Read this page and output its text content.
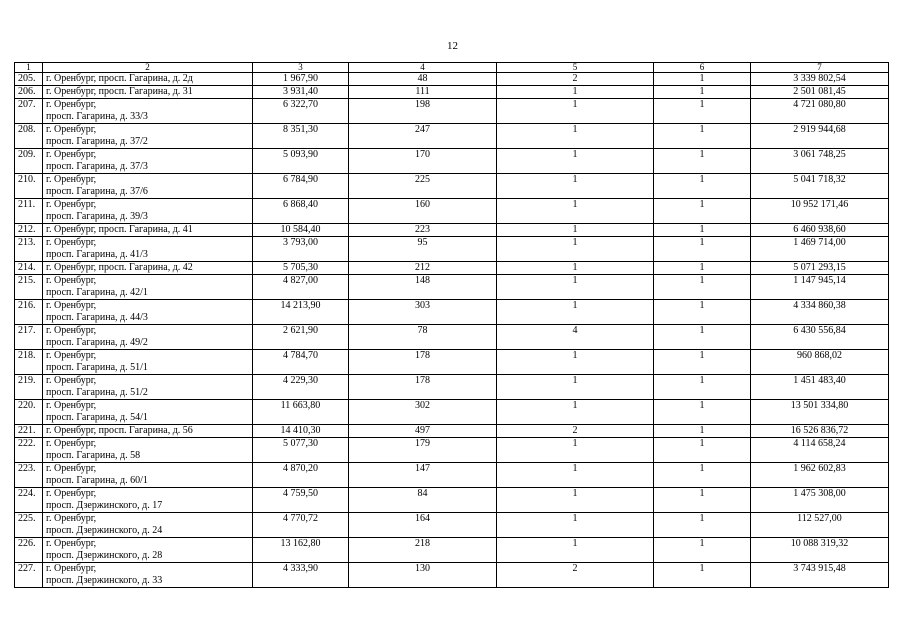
12
1	2	3	4	5	6	7
205.	г. Оренбург, просп. Гагарина, д. 2д	1 967,90	48	2	1	3 339 802,54
206.	г. Оренбург, просп. Гагарина, д. 31	3 931,40	111	1	1	2 501 081,45
207.	г. Оренбург,
просп. Гагарина, д. 33/3	6 322,70	198	1	1	4 721 080,80
208.	г. Оренбург,
просп. Гагарина, д. 37/2	8 351,30	247	1	1	2 919 944,68
209.	г. Оренбург,
просп. Гагарина, д. 37/3	5 093,90	170	1	1	3 061 748,25
210.	г. Оренбург,
просп. Гагарина, д. 37/6	6 784,90	225	1	1	5 041 718,32
211.	г. Оренбург,
просп. Гагарина, д. 39/3	6 868,40	160	1	1	10 952 171,46
212.	г. Оренбург, просп. Гагарина, д. 41	10 584,40	223	1	1	6 460 938,60
213.	г. Оренбург,
просп. Гагарина, д. 41/3	3 793,00	95	1	1	1 469 714,00
214.	г. Оренбург, просп. Гагарина, д. 42	5 705,30	212	1	1	5 071 293,15
215.	г. Оренбург,
просп. Гагарина, д. 42/1	4 827,00	148	1	1	1 147 945,14
216.	г. Оренбург,
просп. Гагарина, д. 44/3	14 213,90	303	1	1	4 334 860,38
217.	г. Оренбург,
просп. Гагарина, д. 49/2	2 621,90	78	4	1	6 430 556,84
218.	г. Оренбург,
просп. Гагарина, д. 51/1	4 784,70	178	1	1	960 868,02
219.	г. Оренбург,
просп. Гагарина, д. 51/2	4 229,30	178	1	1	1 451 483,40
220.	г. Оренбург,
просп. Гагарина, д. 54/1	11 663,80	302	1	1	13 501 334,80
221.	г. Оренбург, просп. Гагарина, д. 56	14 410,30	497	2	1	16 526 836,72
222.	г. Оренбург,
просп. Гагарина, д. 58	5 077,30	179	1	1	4 114 658,24
223.	г. Оренбург,
просп. Гагарина, д. 60/1	4 870,20	147	1	1	1 962 602,83
224.	г. Оренбург,
просп. Дзержинского, д. 17	4 759,50	84	1	1	1 475 308,00
225.	г. Оренбург,
просп. Дзержинского, д. 24	4 770,72	164	1	1	112 527,00
226.	г. Оренбург,
просп. Дзержинского, д. 28	13 162,80	218	1	1	10 088 319,32
227.	г. Оренбург,
просп. Дзержинского, д. 33	4 333,90	130	2	1	3 743 915,48
